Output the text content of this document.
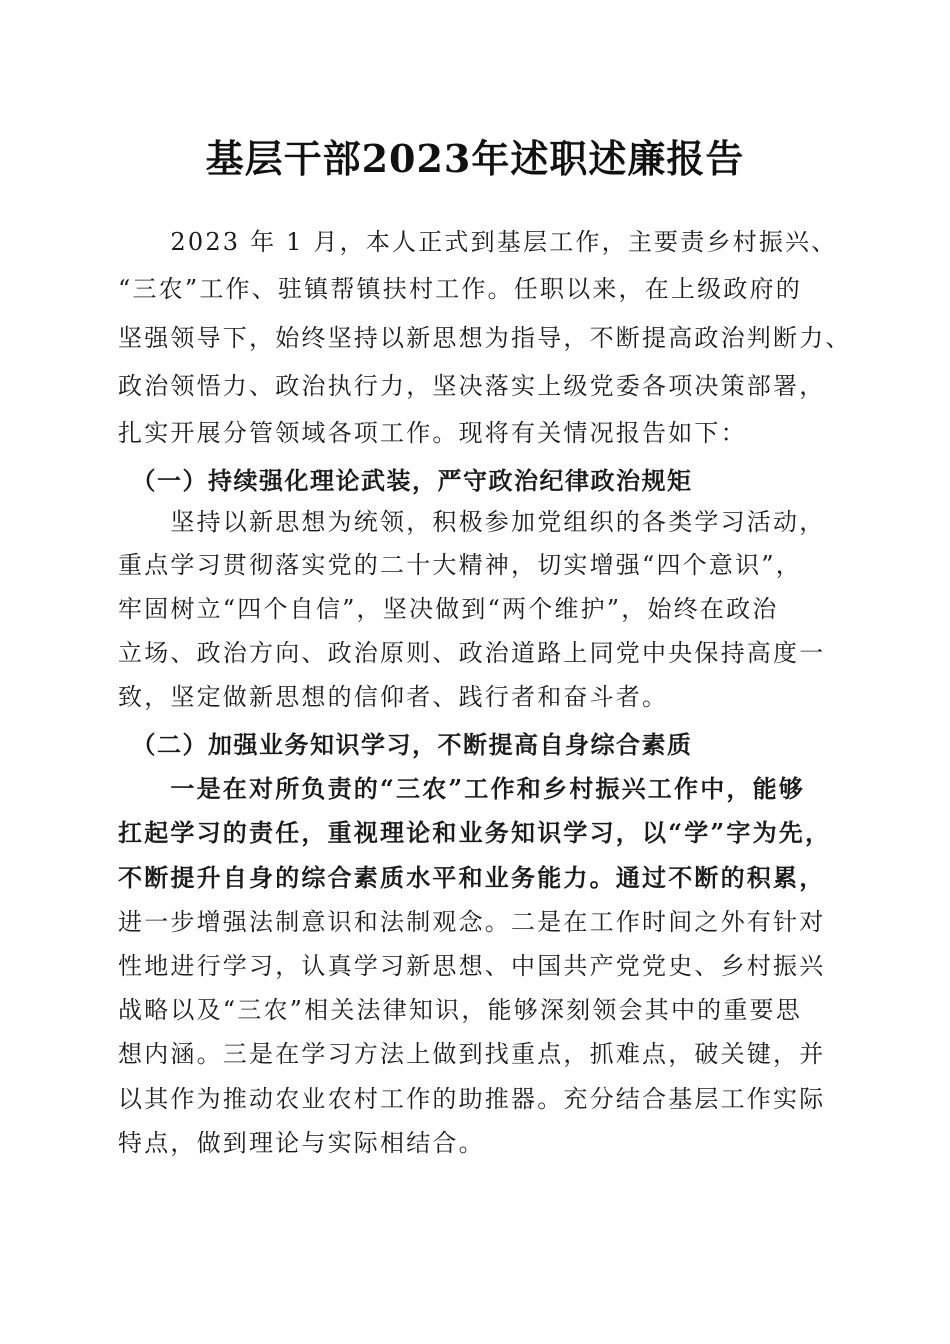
基层干部2023年述职述廉报告
　　2023 年 1 月，本人正式到基层工作，主要责乡村振兴、
“三农”工作、驻镇帮镇扶村工作。任职以来，在上级政府的
坚强领导下，始终坚持以新思想为指导，不断提高政治判断力、
政治领悟力、政治执行力，坚决落实上级党委各项决策部署，
扎实开展分管领域各项工作。现将有关情况报告如下：
　（一）持续强化理论武装，严守政治纪律政治规矩
　　坚持以新思想为统领，积极参加党组织的各类学习活动，
重点学习贯彻落实党的二十大精神，切实增强“四个意识”，
牢固树立“四个自信”，坚决做到“两个维护”，始终在政治
立场、政治方向、政治原则、政治道路上同党中央保持高度一
致，坚定做新思想的信仰者、践行者和奋斗者。
　（二）加强业务知识学习，不断提高自身综合素质
　　一是在对所负责的“三农”工作和乡村振兴工作中，能够
扛起学习的责任，重视理论和业务知识学习，以“学”字为先，
不断提升自身的综合素质水平和业务能力。通过不断的积累，
进一步增强法制意识和法制观念。二是在工作时间之外有针对
性地进行学习，认真学习新思想、中国共产党党史、乡村振兴
战略以及“三农”相关法律知识，能够深刻领会其中的重要思
想内涵。三是在学习方法上做到找重点，抓难点，破关键，并
以其作为推动农业农村工作的助推器。充分结合基层工作实际
特点，做到理论与实际相结合。
